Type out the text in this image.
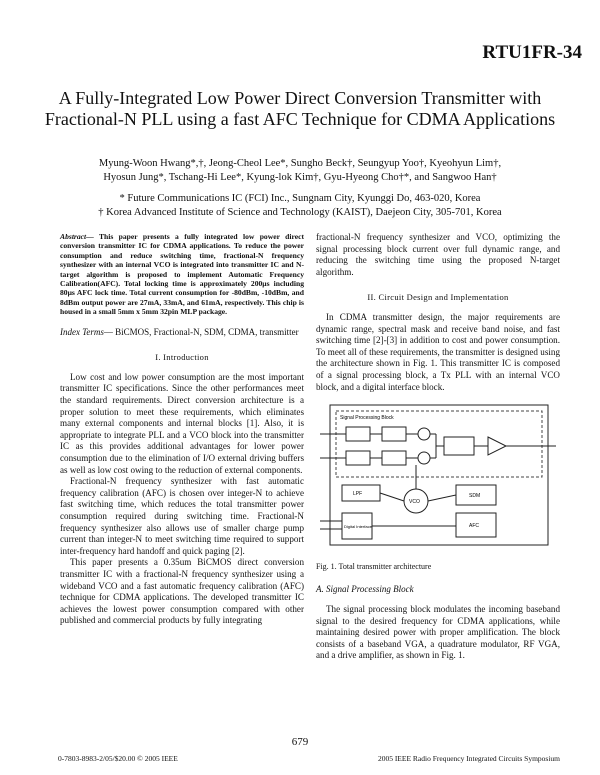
RTU1FR-34
A Fully-Integrated Low Power Direct Conversion Transmitter with Fractional-N PLL using a fast AFC Technique for CDMA Applications
Myung-Woon Hwang*,†, Jeong-Cheol Lee*, Sungho Beck†, Seungyup Yoo†, Kyeohyun Lim†,
Hyosun Jung*, Tschang-Hi Lee*, Kyung-lok Kim†, Gyu-Hyeong Cho†*, and Sangwoo Han†
* Future Communications IC (FCI) Inc., Sungnam City, Kyunggi Do, 463-020, Korea
† Korea Advanced Institute of Science and Technology (KAIST), Daejeon City, 305-701, Korea

Abstract— This paper presents a fully integrated low power direct conversion transmitter IC for CDMA applications. To reduce the power consumption and reduce switching time, fractional-N frequency synthesizer with an internal VCO is integrated into transmitter IC and N-target algorithm is proposed to implement Automatic Frequency Calibration(AFC). Total locking time is approximately 200μs including 80μs AFC lock time. Total current consumption for -80dBm, -10dBm, and 8dBm output power are 27mA, 33mA, and 61mA, respectively. This chip is housed in a small 5mm x 5mm 32pin MLP package.

Index Terms— BiCMOS, Fractional-N, SDM, CDMA, transmitter

I. Introduction

Low cost and low power consumption are the most important transmitter IC specifications. Since the other performances meet the standard requirements. Direct conversion architecture is a proper solution to meet these requirements, which eliminates many external components and internal blocks [1]. Also, it is appropriate to integrate PLL and a VCO block into the transmitter IC as this provides additional advantages for lower power consumption due to the elimination of I/O external driving buffers as well as low cost owing to the reduction of external components.

Fractional-N frequency synthesizer with fast automatic frequency calibration (AFC) is chosen over integer-N to achieve fast switching time, which reduces the total transmitter power consumption required during switching time. Fractional-N frequency synthesizer also allows use of smaller charge pump current than integer-N to meet switching time required to support inter-frequency hard handoff and quick paging [2].

This paper presents a 0.35um BiCMOS direct conversion transmitter IC with a fractional-N frequency synthesizer using a wideband VCO and a fast automatic frequency calibration (AFC) technique for CDMA applications. The developed transmitter IC achieves the lowest power consumption compared with other published and commercial products by fully integrating

fractional-N frequency synthesizer and VCO, optimizing the signal processing block current over full dynamic range, and reducing the switching time using the proposed N-target algorithm.

II. Circuit Design and Implementation

In CDMA transmitter design, the major requirements are dynamic range, spectral mask and receive band noise, and fast switching time [2]-[3] in addition to cost and power consumption. To meet all of these requirements, the transmitter is designed using the architecture shown in Fig. 1. This transmitter IC is composed of a signal processing block, a Tx PLL with an internal VCO block, and a digital interface block.

Signal Processing Block
LPF
VCO
SDM
AFC
Digital Interface

Fig. 1. Total transmitter architecture

A. Signal Processing Block

The signal processing block modulates the incoming baseband signal to the desired frequency for CDMA applications, while maintaining desired power with proper amplification. The block consists of a baseband VGA, a quadrature modulator, RF VGA, and a drive amplifier, as shown in Fig. 1.

679
0-7803-8983-2/05/$20.00 © 2005 IEEE	2005 IEEE Radio Frequency Integrated Circuits Symposium
